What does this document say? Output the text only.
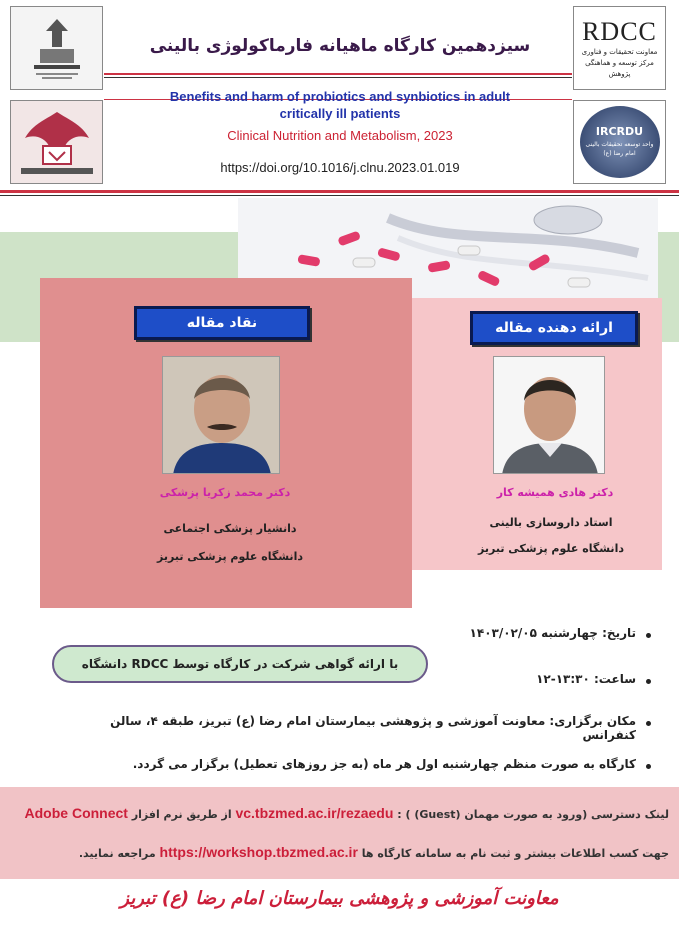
RDCC
معاونت تحقیقات و فناوری مرکز توسعه و هماهنگی پژوهش
IRCRDU
واحد توسعه تحقیقات بالینی امام رضا (ع)
سیزدهمین کارگاه ماهیانه فارماکولوژی بالینی
Benefits and harm of probiotics and synbiotics in adult
critically ill patients
Clinical Nutrition and Metabolism, 2023
https://doi.org/10.1016/j.clnu.2023.01.019
نقاد مقاله
دکتر محمد زکریا پزشکی
دانشیار پزشکی اجتماعی
دانشگاه علوم پزشکی تبریز
ارائه دهنده مقاله
دکتر هادی همیشه کار
استاد داروسازی بالینی
دانشگاه علوم پزشکی تبریز
تاریخ: چهارشنبه ۱۴۰۳/۰۲/۰۵
با ارائه گواهی شرکت در کارگاه توسط RDCC دانشگاه
ساعت: ۱۳:۳۰-۱۲
مکان برگزاری: معاونت آموزشی و پژوهشی بیمارستان امام رضا (ع) تبریز، طبقه ۴، سالن کنفرانس
کارگاه به صورت منظم چهارشنبه اول هر ماه (به جز روزهای تعطیل) برگزار می گردد.
لینک دسترسی (ورود به صورت مهمان (Guest) ) : vc.tbzmed.ac.ir/rezaedu از طریق نرم افزار Adobe Connect
جهت کسب اطلاعات بیشتر و ثبت نام به سامانه کارگاه ها https://workshop.tbzmed.ac.ir مراجعه نمایید.
معاونت آموزشی و پژوهشی بیمارستان امام رضا (ع) تبریز
